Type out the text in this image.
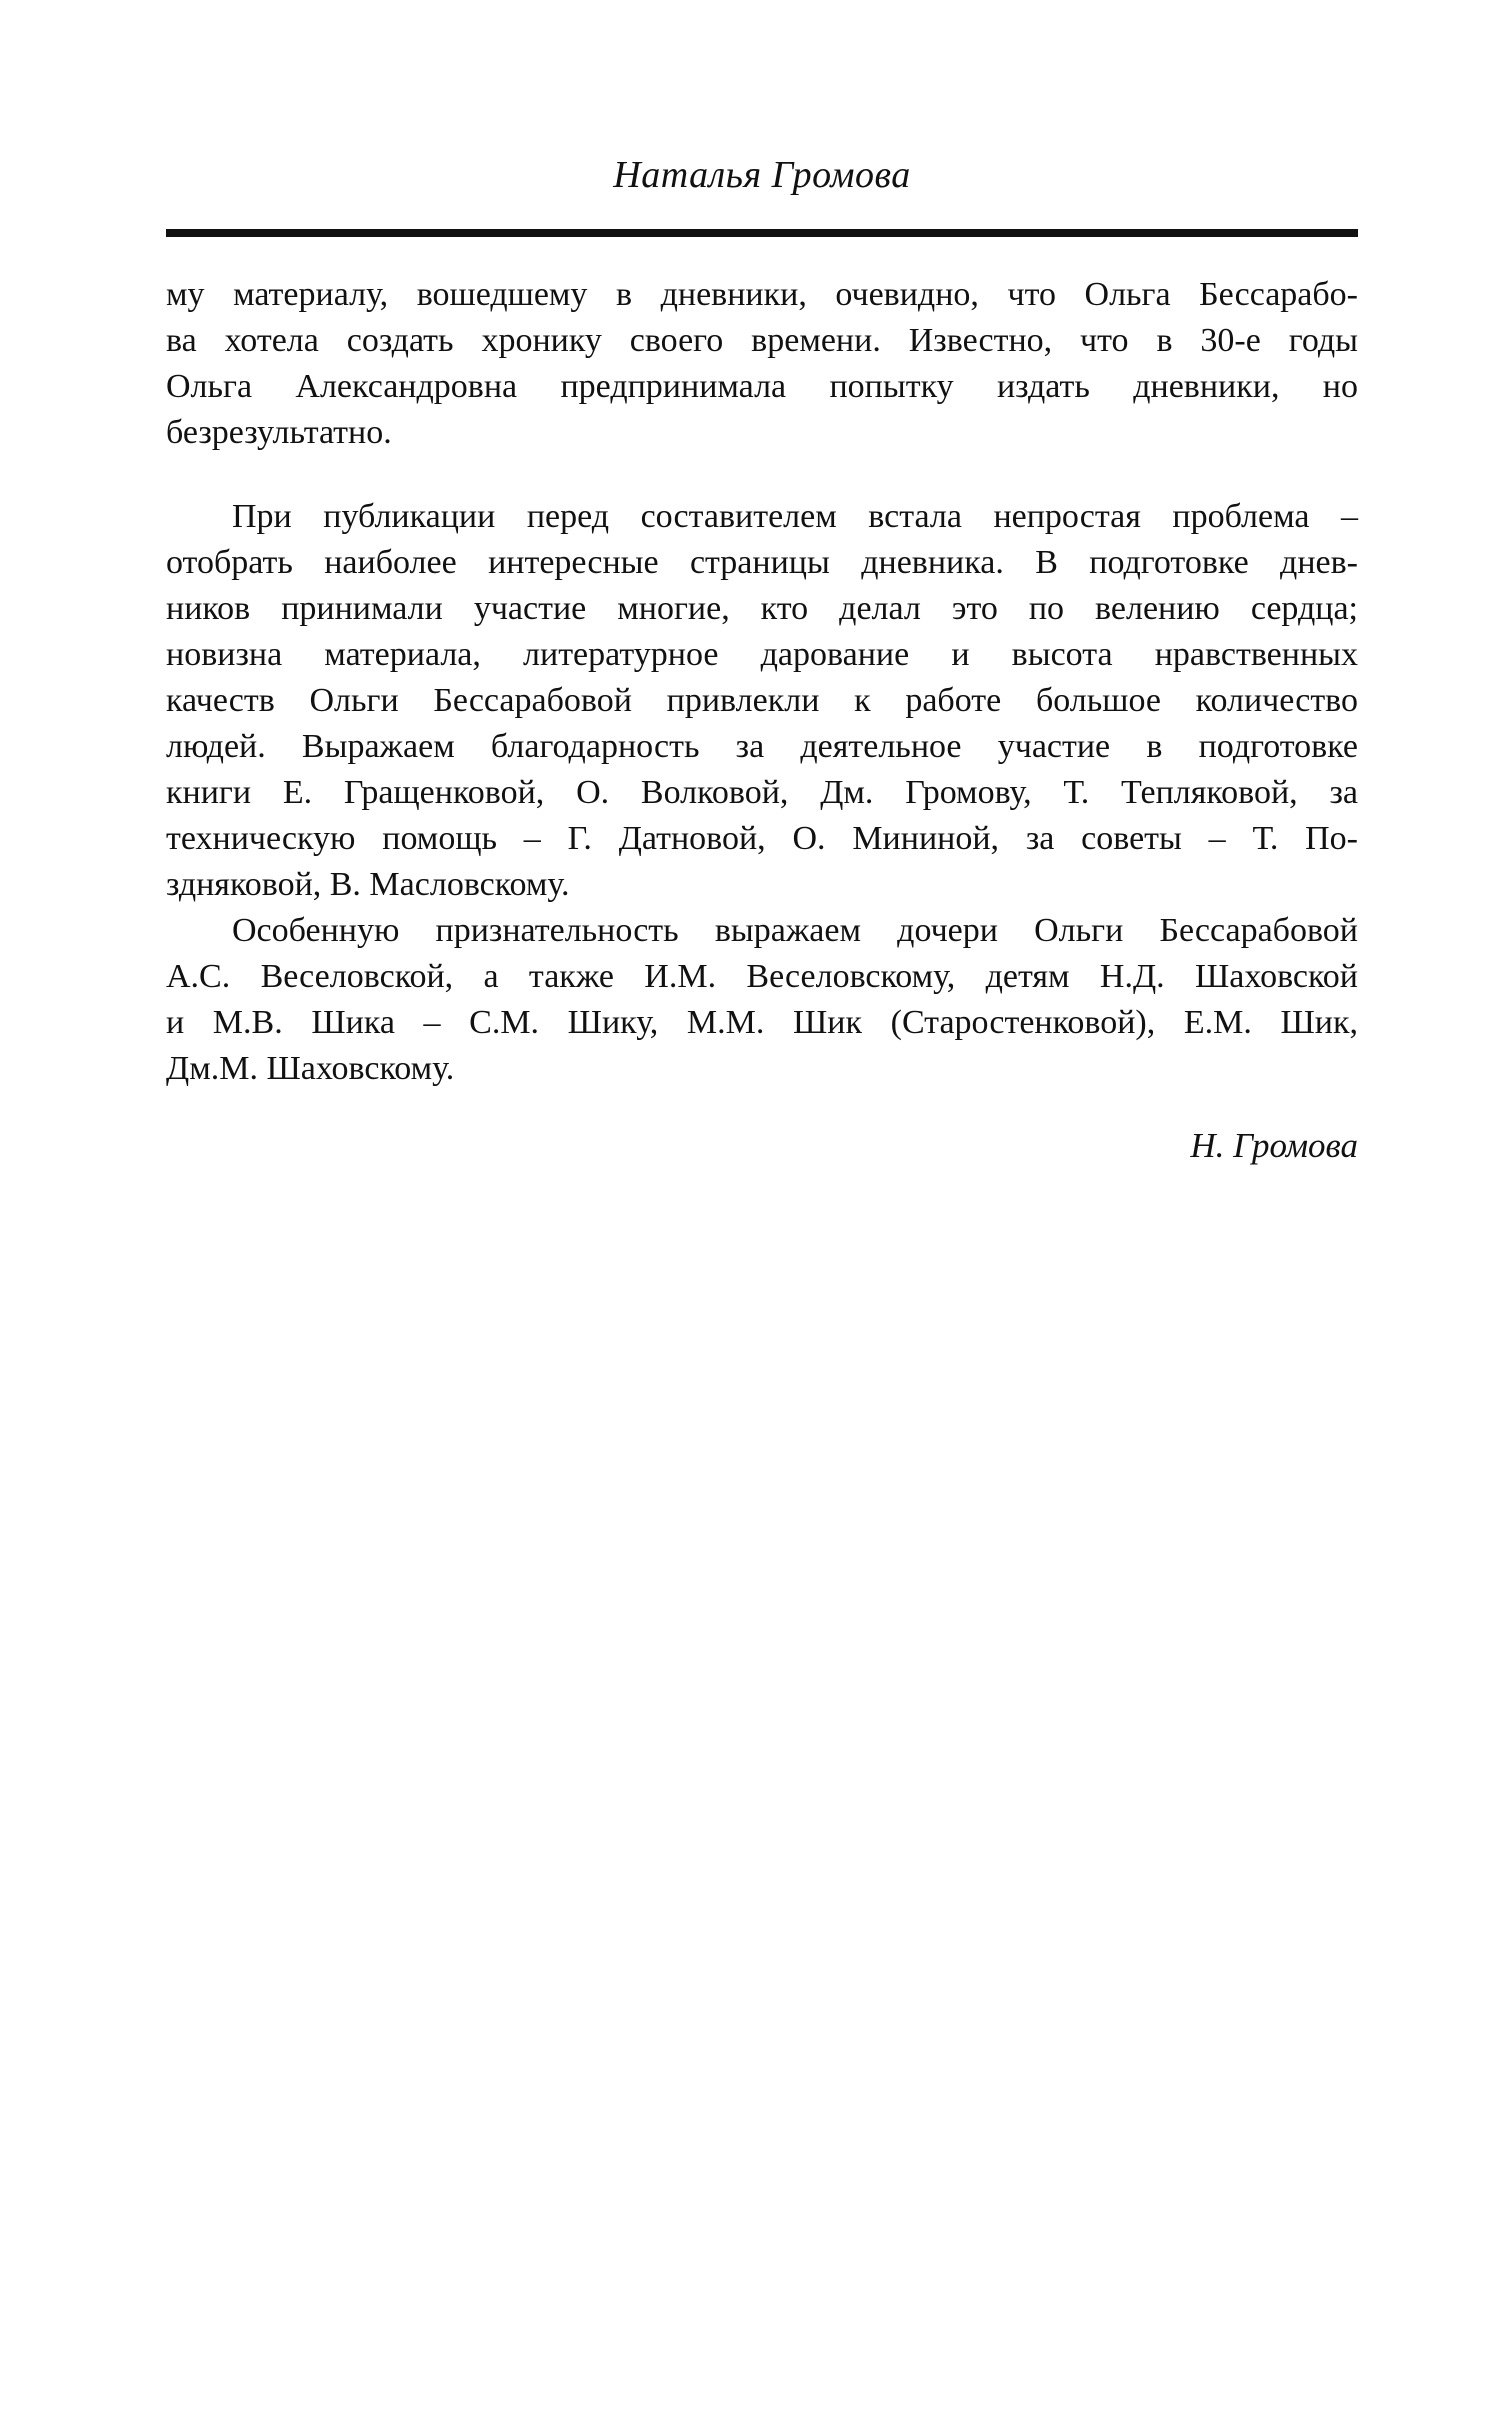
Наталья Громова
му материалу, вошедшему в дневники, очевидно, что Ольга Бессарабо-
ва хотела создать хронику своего времени. Известно, что в 30-е годы
Ольга Александровна предпринимала попытку издать дневники, но
безрезультатно.
При публикации перед составителем встала непростая проблема –
отобрать наиболее интересные страницы дневника. В подготовке днев-
ников принимали участие многие, кто делал это по велению сердца;
новизна материала, литературное дарование и высота нравственных
качеств Ольги Бессарабовой привлекли к работе большое количество
людей. Выражаем благодарность за деятельное участие в подготовке
книги Е. Гращенковой, О. Волковой, Дм. Громову, Т. Тепляковой, за
техническую помощь – Г. Датновой, О. Мининой, за советы – Т. По-
здняковой, В. Масловскому.
Особенную признательность выражаем дочери Ольги Бессарабовой
А.С. Веселовской, а также И.М. Веселовскому, детям Н.Д. Шаховской
и М.В. Шика – С.М. Шику, М.М. Шик (Старостенковой), Е.М. Шик,
Дм.М. Шаховскому.
Н. Громова
